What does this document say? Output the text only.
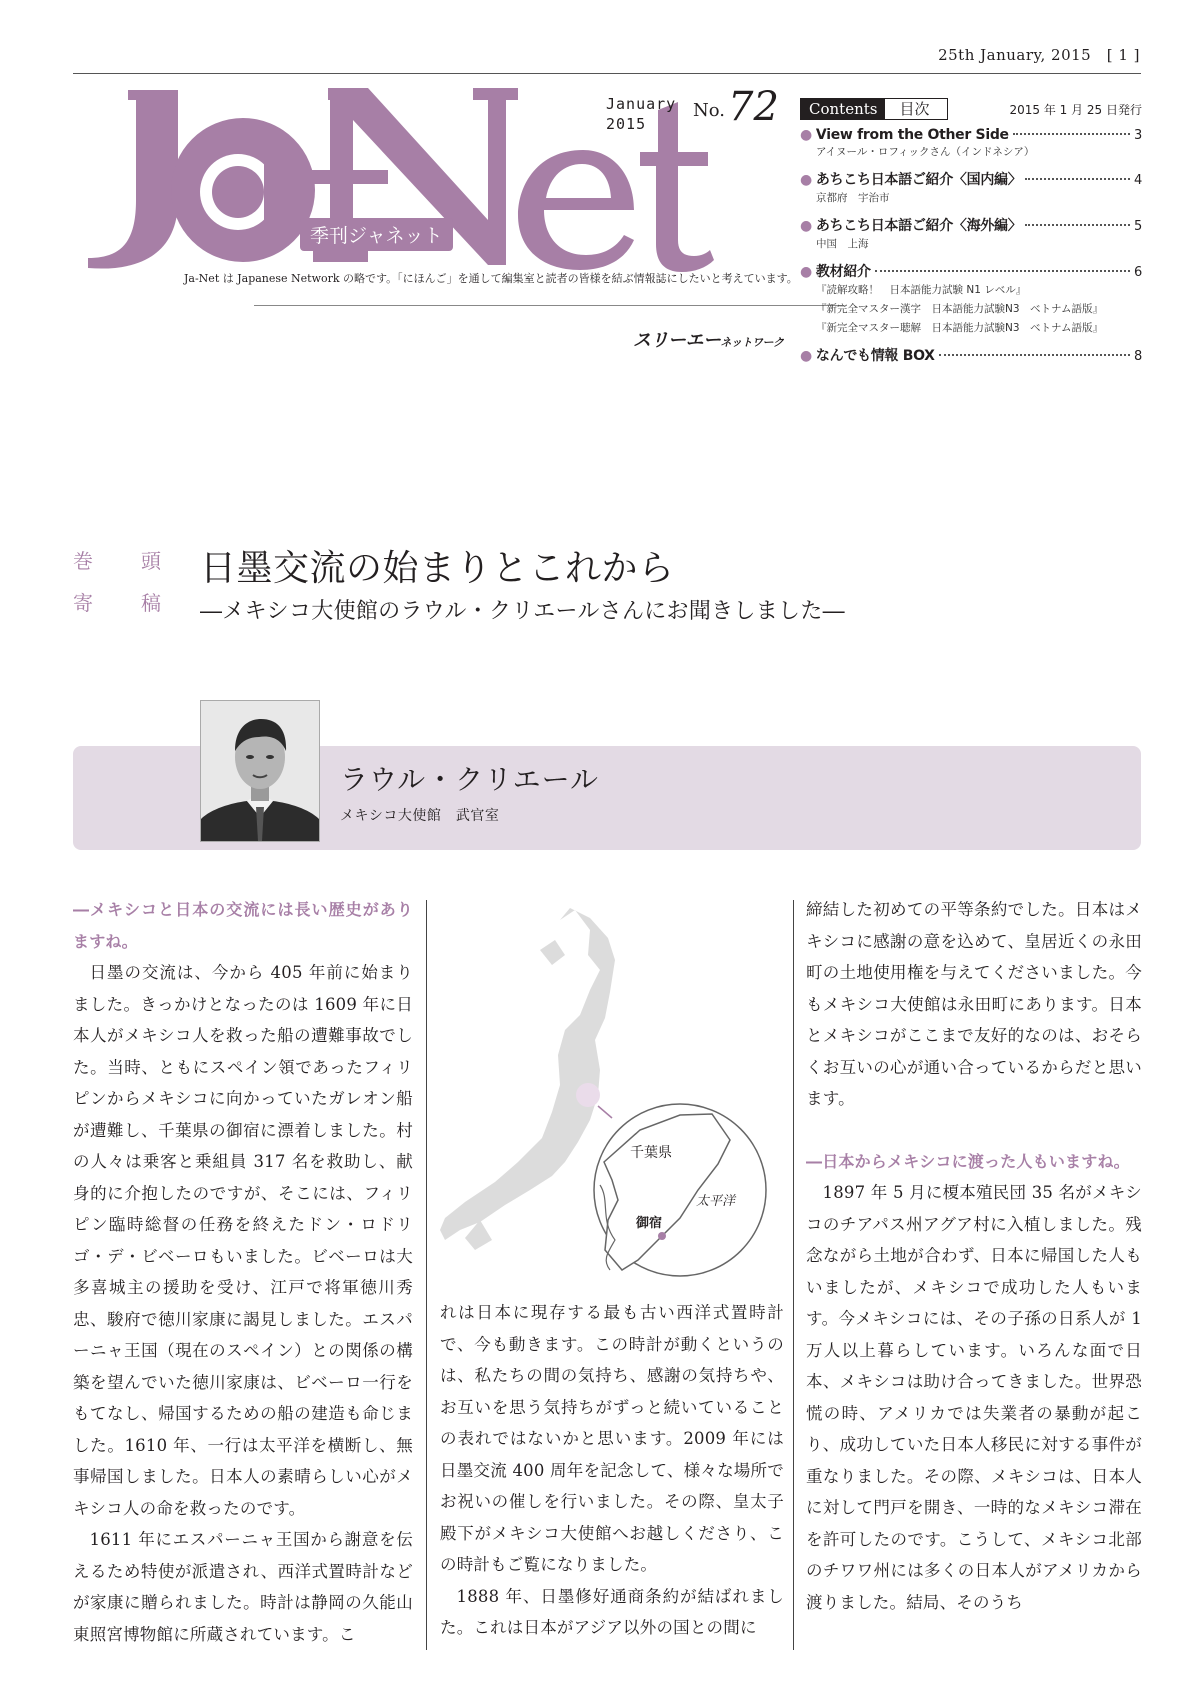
25th January, 2015　[ 1 ]
January
2015
No. 72
季刊ジャネット
Ja-Net は Japanese Network の略です。「にほんご」を通して編集室と読者の皆様を結ぶ情報誌にしたいと考えています。
スリーエーネットワーク
Contents	目次	2015 年 1 月 25 日発行
● View from the Other Side	3
アイヌール・ロフィックさん（インドネシア）
● あちこち日本語ご紹介〈国内編〉	4
京都府　宇治市
● あちこち日本語ご紹介〈海外編〉	5
中国　上海
● 教材紹介	6
『読解攻略！　日本語能力試験 N1 レベル』
『新完全マスター漢字　日本語能力試験N3　ベトナム語版』
『新完全マスター聴解　日本語能力試験N3　ベトナム語版』
● なんでも情報 BOX	8
巻　頭
寄　稿
日墨交流の始まりとこれから
―メキシコ大使館のラウル・クリエールさんにお聞きしました―
ラウル・クリエール
メキシコ大使館　武官室

―メキシコと日本の交流には長い歴史がありますね。

日墨の交流は、今から 405 年前に始まりました。きっかけとなったのは 1609 年に日本人がメキシコ人を救った船の遭難事故でした。当時、ともにスペイン領であったフィリピンからメキシコに向かっていたガレオン船が遭難し、千葉県の御宿に漂着しました。村の人々は乗客と乗組員 317 名を救助し、献身的に介抱したのですが、そこには、フィリピン臨時総督の任務を終えたドン・ロドリゴ・デ・ビベーロもいました。ビベーロは大多喜城主の援助を受け、江戸で将軍徳川秀忠、駿府で徳川家康に謁見しました。エスパーニャ王国（現在のスペイン）との関係の構築を望んでいた徳川家康は、ビベーロ一行をもてなし、帰国するための船の建造も命じました。1610 年、一行は太平洋を横断し、無事帰国しました。日本人の素晴らしい心がメキシコ人の命を救ったのです。

1611 年にエスパーニャ王国から謝意を伝えるため特使が派遣され、西洋式置時計などが家康に贈られました。時計は静岡の久能山東照宮博物館に所蔵されています。こ

千葉県
太平洋
御宿

れは日本に現存する最も古い西洋式置時計で、今も動きます。この時計が動くというのは、私たちの間の気持ち、感謝の気持ちや、お互いを思う気持ちがずっと続いていることの表れではないかと思います。2009 年には日墨交流 400 周年を記念して、様々な場所でお祝いの催しを行いました。その際、皇太子殿下がメキシコ大使館へお越しくださり、この時計もご覧になりました。

1888 年、日墨修好通商条約が結ばれました。これは日本がアジア以外の国との間に

締結した初めての平等条約でした。日本はメキシコに感謝の意を込めて、皇居近くの永田町の土地使用権を与えてくださいました。今もメキシコ大使館は永田町にあります。日本とメキシコがここまで友好的なのは、おそらくお互いの心が通い合っているからだと思います。

―日本からメキシコに渡った人もいますね。

1897 年 5 月に榎本殖民団 35 名がメキシコのチアパス州アグア村に入植しました。残念ながら土地が合わず、日本に帰国した人もいましたが、メキシコで成功した人もいます。今メキシコには、その子孫の日系人が 1 万人以上暮らしています。いろんな面で日本、メキシコは助け合ってきました。世界恐慌の時、アメリカでは失業者の暴動が起こり、成功していた日本人移民に対する事件が重なりました。その際、メキシコは、日本人に対して門戸を開き、一時的なメキシコ滞在を許可したのです。こうして、メキシコ北部のチワワ州には多くの日本人がアメリカから渡りました。結局、そのうち
